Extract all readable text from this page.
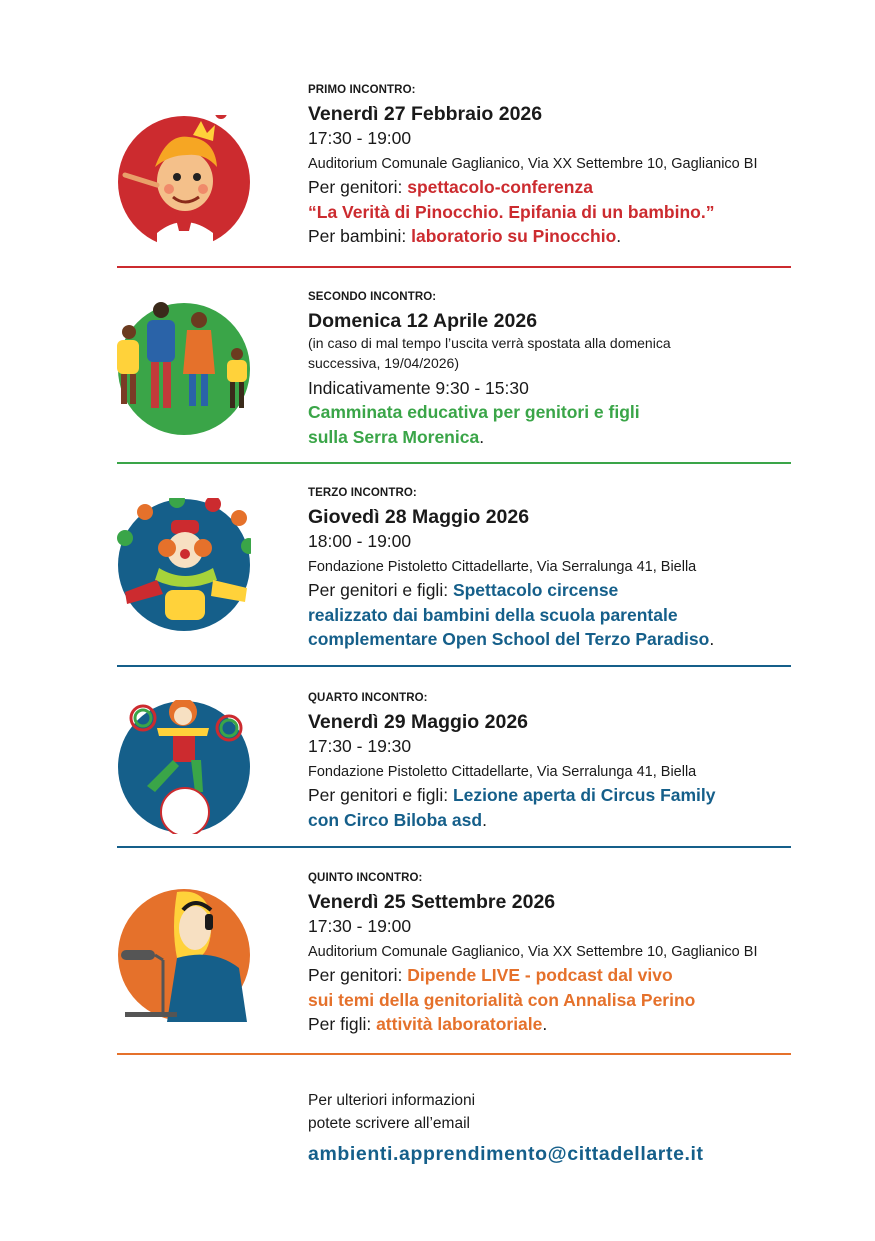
PRIMO INCONTRO:

Venerdì 27 Febbraio 2026

17:30 - 19:00

Auditorium Comunale Gaglianico, Via XX Settembre 10, Gaglianico BI

Per genitori: spettacolo-conferenza

“La Verità di Pinocchio. Epifania di un bambino.”

Per bambini: laboratorio su Pinocchio.

SECONDO INCONTRO:

Domenica 12 Aprile 2026

(in caso di mal tempo l’uscita verrà spostata alla domenica

successiva, 19/04/2026)

Indicativamente 9:30 - 15:30

Camminata educativa per genitori e figli

sulla Serra Morenica.

TERZO INCONTRO:

Giovedì 28 Maggio 2026

18:00 - 19:00

Fondazione Pistoletto Cittadellarte, Via Serralunga 41, Biella

Per genitori e figli: Spettacolo circense

realizzato dai bambini della scuola parentale

complementare Open School del Terzo Paradiso.

QUARTO INCONTRO:

Venerdì 29 Maggio 2026

17:30 - 19:30

Fondazione Pistoletto Cittadellarte, Via Serralunga 41, Biella

Per genitori e figli: Lezione aperta di Circus Family

con Circo Biloba asd.

QUINTO INCONTRO:

Venerdì 25 Settembre 2026

17:30 - 19:00

Auditorium Comunale Gaglianico, Via XX Settembre 10, Gaglianico BI

Per genitori: Dipende LIVE - podcast dal vivo

sui temi della genitorialità con Annalisa Perino

Per figli: attività laboratoriale.

Per ulteriori informazioni

potete scrivere all’email

ambienti.apprendimento@cittadellarte.it
